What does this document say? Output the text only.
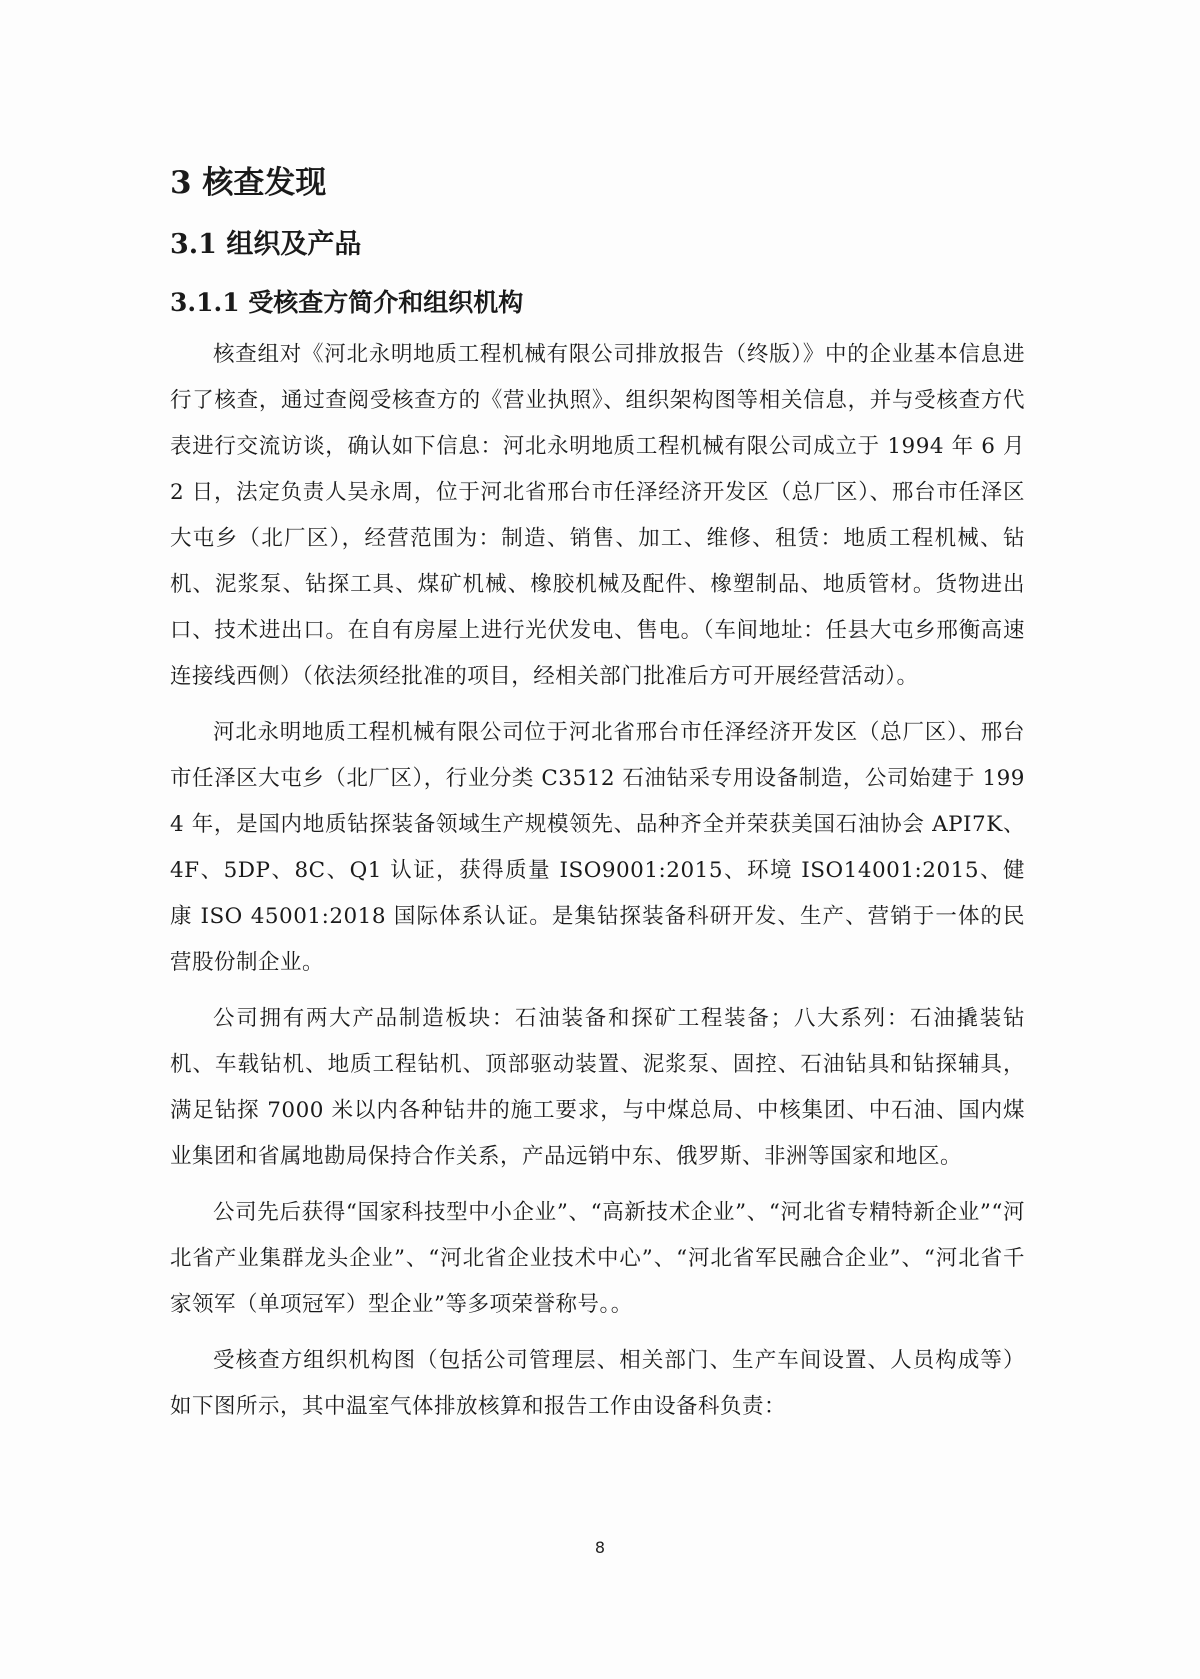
3 核查发现
3.1 组织及产品
3.1.1 受核查方简介和组织机构

核查组对《河北永明地质工程机械有限公司排放报告（终版）》中的企业基本信息进行了核查，通过查阅受核查方的《营业执照》、组织架构图等相关信息，并与受核查方代表进行交流访谈，确认如下信息：河北永明地质工程机械有限公司成立于 1994 年 6 月 2 日，法定负责人吴永周，位于河北省邢台市任泽经济开发区（总厂区）、邢台市任泽区大屯乡（北厂区），经营范围为：制造、销售、加工、维修、租赁：地质工程机械、钻机、泥浆泵、钻探工具、煤矿机械、橡胶机械及配件、橡塑制品、地质管材。货物进出口、技术进出口。在自有房屋上进行光伏发电、售电。（车间地址：任县大屯乡邢衡高速连接线西侧）（依法须经批准的项目，经相关部门批准后方可开展经营活动）。

河北永明地质工程机械有限公司位于河北省邢台市任泽经济开发区（总厂区）、邢台市任泽区大屯乡（北厂区），行业分类 C3512 石油钻采专用设备制造，公司始建于 1994 年，是国内地质钻探装备领域生产规模领先、品种齐全并荣获美国石油协会 API7K、4F、5DP、8C、Q1 认证，获得质量 ISO9001:2015、环境 ISO14001:2015、健康 ISO 45001:2018 国际体系认证。是集钻探装备科研开发、生产、营销于一体的民营股份制企业。

公司拥有两大产品制造板块：石油装备和探矿工程装备；八大系列：石油撬装钻机、车载钻机、地质工程钻机、顶部驱动装置、泥浆泵、固控、石油钻具和钻探辅具，满足钻探 7000 米以内各种钻井的施工要求，与中煤总局、中核集团、中石油、国内煤业集团和省属地勘局保持合作关系，产品远销中东、俄罗斯、非洲等国家和地区。

公司先后获得“国家科技型中小企业”、“高新技术企业”、“河北省专精特新企业”“河北省产业集群龙头企业”、“河北省企业技术中心”、“河北省军民融合企业”、“河北省千家领军（单项冠军）型企业”等多项荣誉称号。。

受核查方组织机构图（包括公司管理层、相关部门、生产车间设置、人员构成等）如下图所示，其中温室气体排放核算和报告工作由设备科负责：

8
